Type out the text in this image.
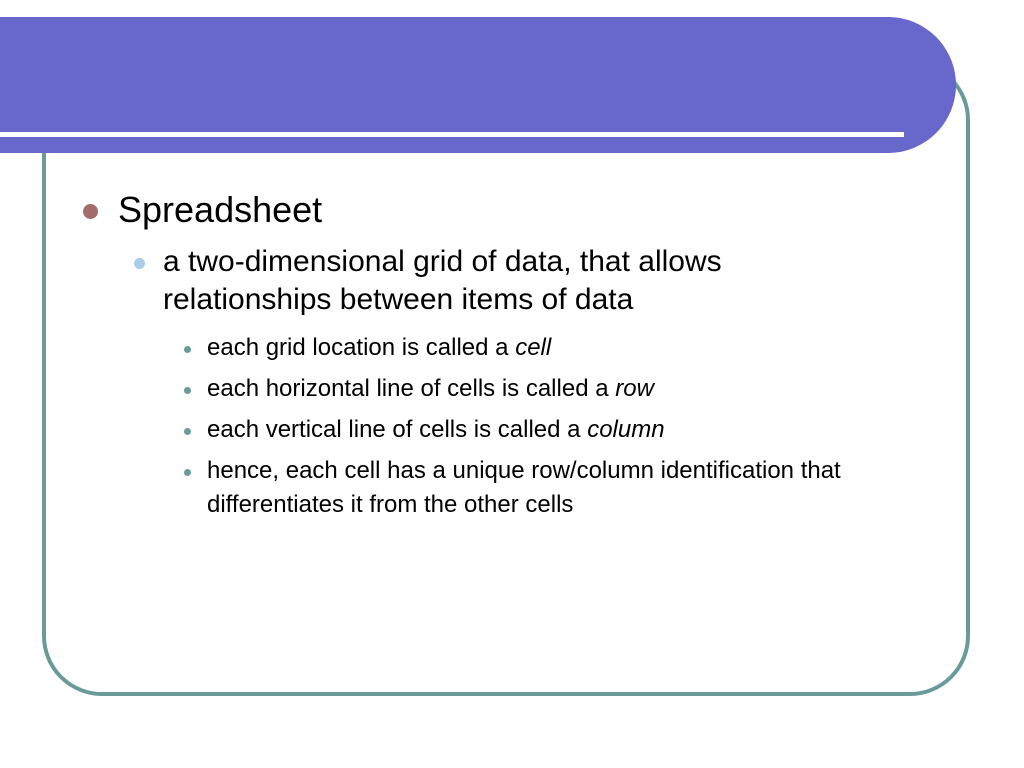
Spreadsheet
a two-dimensional grid of data, that allows relationships between items of data
each grid location is called a cell
each horizontal line of cells is called a row
each vertical line of cells is called a column
hence, each cell has a unique row/column identification that differentiates it from the other cells
